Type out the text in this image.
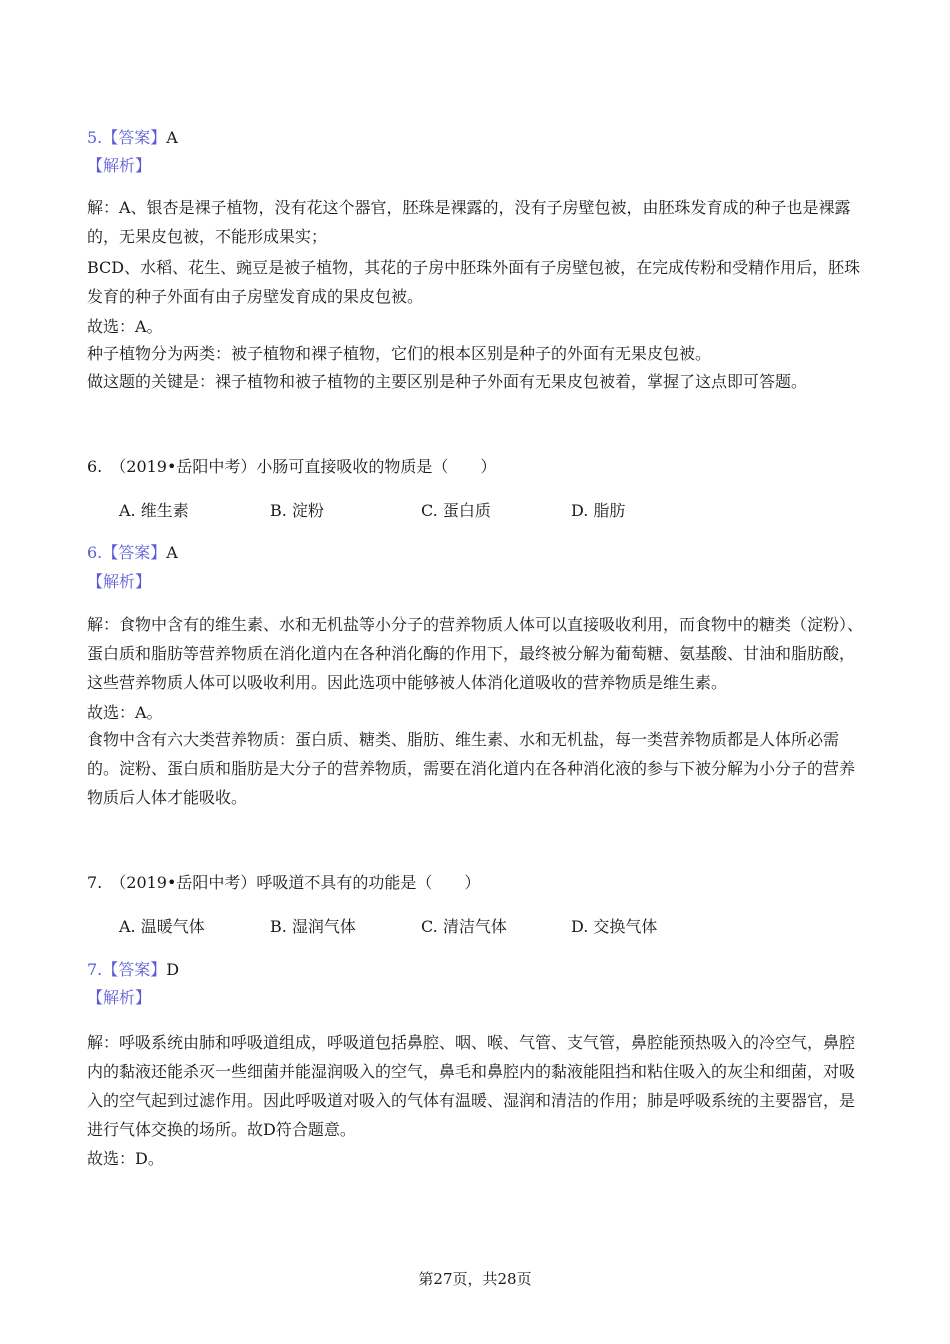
5.【答案】A
【解析】

解：A、银杏是裸子植物，没有花这个器官，胚珠是裸露的，没有子房壁包被，由胚珠发育成的种子也是裸露的，无果皮包被，不能形成果实；

BCD、水稻、花生、豌豆是被子植物，其花的子房中胚珠外面有子房壁包被，在完成传粉和受精作用后，胚珠发育的种子外面有由子房壁发育成的果皮包被。

故选：A。

种子植物分为两类：被子植物和裸子植物，它们的根本区别是种子的外面有无果皮包被。

做这题的关键是：裸子植物和被子植物的主要区别是种子外面有无果皮包被着，掌握了这点即可答题。

6.　（2019•岳阳中考）小肠可直接吸收的物质是（　　）
A. 维生素	B. 淀粉	C. 蛋白质	D. 脂肪
6.【答案】A
【解析】

解：食物中含有的维生素、水和无机盐等小分子的营养物质人体可以直接吸收利用，而食物中的糖类（淀粉）、蛋白质和脂肪等营养物质在消化道内在各种消化酶的作用下，最终被分解为葡萄糖、氨基酸、甘油和脂肪酸，这些营养物质人体可以吸收利用。因此选项中能够被人体消化道吸收的营养物质是维生素。

故选：A。

食物中含有六大类营养物质：蛋白质、糖类、脂肪、维生素、水和无机盐，每一类营养物质都是人体所必需的。淀粉、蛋白质和脂肪是大分子的营养物质，需要在消化道内在各种消化液的参与下被分解为小分子的营养物质后人体才能吸收。

7.　（2019•岳阳中考）呼吸道不具有的功能是（　　）
A. 温暖气体	B. 湿润气体	C. 清洁气体	D. 交换气体
7.【答案】D
【解析】

解：呼吸系统由肺和呼吸道组成，呼吸道包括鼻腔、咽、喉、气管、支气管，鼻腔能预热吸入的冷空气，鼻腔内的黏液还能杀灭一些细菌并能湿润吸入的空气，鼻毛和鼻腔内的黏液能阻挡和粘住吸入的灰尘和细菌，对吸入的空气起到过滤作用。因此呼吸道对吸入的气体有温暖、湿润和清洁的作用；肺是呼吸系统的主要器官，是进行气体交换的场所。故D符合题意。

故选：D。

第27页，共28页
